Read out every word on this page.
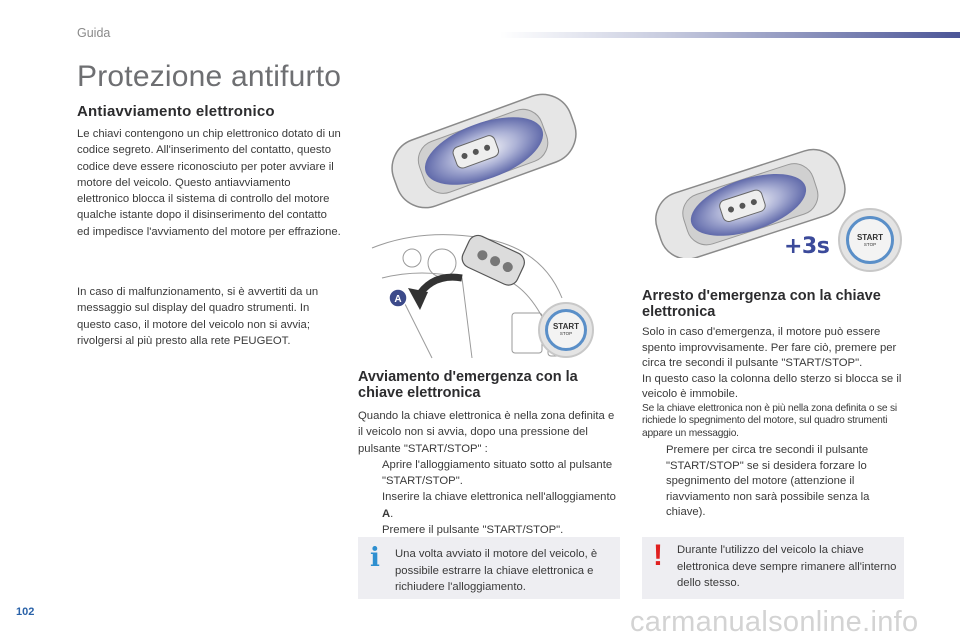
Guida
Protezione antifurto
Antiavviamento elettronico
Le chiavi contengono un chip elettronico dotato di un codice segreto. All'inserimento del contatto, questo codice deve essere riconosciuto per poter avviare il motore del veicolo. Questo antiavviamento elettronico blocca il sistema di controllo del motore qualche istante dopo il disinserimento del contatto ed impedisce l'avviamento del motore per effrazione.
In caso di malfunzionamento, si è avvertiti da un messaggio sul display del quadro strumenti. In questo caso, il motore del veicolo non si avvia; rivolgersi al più presto alla rete PEUGEOT.
A
START
STOP
+3s	START
STOP
Avviamento d'emergenza con la chiave elettronica
Quando la chiave elettronica è nella zona definita e il veicolo non si avvia, dopo una pressione del pulsante "START/STOP" :
Aprire l'alloggiamento situato sotto al pulsante "START/STOP".
Inserire la chiave elettronica nell'alloggiamento A.
Premere il pulsante "START/STOP".
i Una volta avviato il motore del veicolo, è possibile estrarre la chiave elettronica e richiudere l'alloggiamento.
Arresto d'emergenza con la chiave elettronica
Solo in caso d'emergenza, il motore può essere spento improvvisamente. Per fare ciò, premere per circa tre secondi il pulsante "START/STOP".
In questo caso la colonna dello sterzo si blocca se il veicolo è immobile.
Se la chiave elettronica non è più nella zona definita o se si richiede lo spegnimento del motore, sul quadro strumenti appare un messaggio.
Premere per circa tre secondi il pulsante "START/STOP" se si desidera forzare lo spegnimento del motore (attenzione il riavviamento non sarà possibile senza la chiave).
! Durante l'utilizzo del veicolo la chiave elettronica deve sempre rimanere all'interno dello stesso.
102	carmanualsonline.info
